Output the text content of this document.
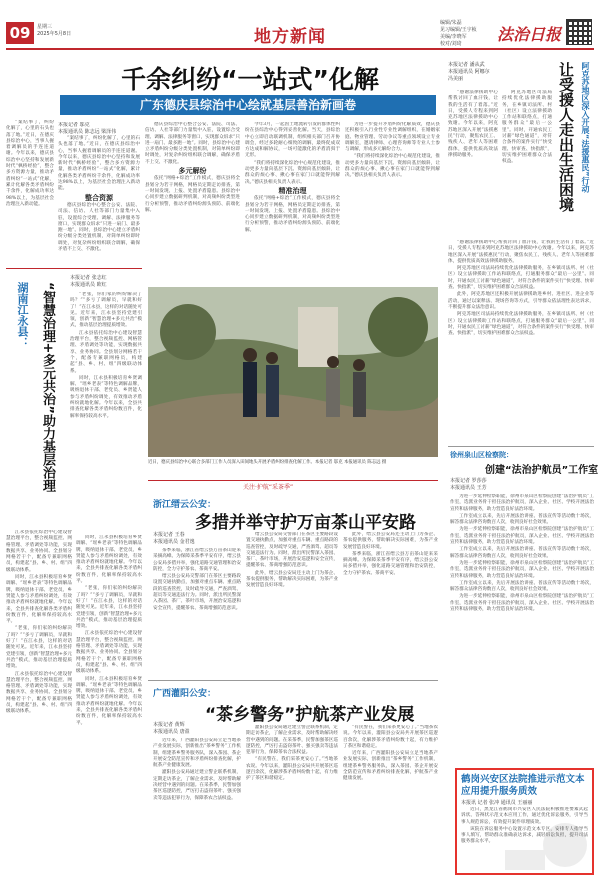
09	星期三
2025年5月8日	地方新闻
编辑/朱磊
见习编辑/王宇桢
美编/李晓军
校对/刘琦	法治日报
千余纠纷“一站式”化解
广东德庆县综治中心绘就基层善治新画卷
本报记者 邬克
本报通讯员 陈志远 梁泽伟

“案结事了，纠纷化解了，心里的石头也落了地。”近日，在德庆县综治中心，当事人握着调解员的手连连道谢。今年以来，德庆县综治中心坚持和发展新时代“枫桥经验”，整合多方资源力量，推动矛盾纠纷“一站式”化解，累计化解各类矛盾纠纷千余件，化解成功率达98%以上，为基层社会治理注入新动能。

整合资源

德庆县综治中心整合公安、法院、司法、信访、人社等部门力量集中入驻，设置综合受理、调解、法律服务等窗口，实现群众诉求“只进一扇门、最多跑一地”。同时，县综治中心建立矛盾纠纷分级分类处置机制，对简单纠纷即时调处，对复杂纠纷组织联合调解，确保矛盾不上交、不激化。

德庆县综治中心整合公安、法院、司法、信访、人社等部门力量集中入驻，设置综合受理、调解、法律服务等窗口，实现群众诉求“只进一扇门、最多跑一地”。同时，县综治中心建立矛盾纠纷分级分类处置机制，对简单纠纷即时调处，对复杂纠纷组织联合调解，确保矛盾不上交、不激化。

多元解纷

依托“网格+综治”工作模式，德庆县将全县划分为若干网格，网格员定期走访排查，第一时间发现、上报、处置矛盾隐患。县综治中心同步建立数据研判机制，对高频纠纷类型进行分析预警，推动矛盾纠纷源头预防、前端化解。

今年3月，一起因土地流转引发的群体性纠纷在县综治中心得到妥善化解。当天，县综治中心立即启动联调机制，组织相关部门召开协调会，经过多轮耐心细致的调解，最终促成双方达成和解协议，一场可能激化的矛盾消弭于无形。

“我们将持续深化综治中心规范化建设，推动更多力量向基层下沉、资源向基层倾斜，让群众的烦心事、揪心事在家门口就能得到解决。”德庆县相关负责人表示。

精准治理

依托“网格+综治”工作模式，德庆县将全县划分为若干网格，网格员定期走访排查，第一时间发现、上报、处置矛盾隐患。县综治中心同步建立数据研判机制，对高频纠纷类型进行分析预警，推动矛盾纠纷源头预防、前端化解。

为进一步提升矛盾纠纷化解质效，德庆县还积极引入行业性专业性调解组织，在婚姻家庭、物业管理、劳动争议等重点领域设立专业调解室，邀请律师、心理咨询师等专业人士参与调解，形成多元解纷合力。

“我们将持续深化综治中心规范化建设，推动更多力量向基层下沉、资源向基层倾斜，让群众的烦心事、揪心事在家门口就能得到解决。”德庆县相关负责人表示。

近日，德庆县综治中心联合多部门工作人员深入田间地头开展矛盾纠纷排查化解工作。本报记者 邬克 本报通讯员 陈志远 摄

“案结事了，纠纷化解了，心里的石头也落了地。”近日，在德庆县综治中心，当事人握着调解员的手连连道谢。今年以来，德庆县综治中心坚持和发展新时代“枫桥经验”，整合多方资源力量，推动矛盾纠纷“一站式”化解，累计化解各类矛盾纠纷千余件，化解成功率达98%以上，为基层社会治理注入新动能。

“智慧治理+多元共治”助力基层治理
湖南江永县：
本报记者 张志红
本报通讯员 欧红

“老张，你们家的纠纷解决了吗？”“多亏了调解员，早就和好了！”在江永县，这样的对话随处可见。近年来，江永县坚持党建引领，创新“智慧治理+多元共治”模式，推动基层治理提质增效。

江永县依托综治中心建设智慧治理平台，整合视频监控、网格管理、矛盾调处等功能，实现数据共享、业务协同。全县划分网格若干个，配备专兼职网格员，构建起“县、乡、村、组”四级联动体系。

同时，江永县积极培育乡贤调解、“瑶乡老表”等特色调解品牌，吸纳退休干部、老党员、乡贤能人参与矛盾纠纷调处，有效推动矛盾纠纷就地化解。今年以来，全县共排查化解各类矛盾纠纷数百件，化解率保持较高水平。

江永县依托综治中心建设智慧治理平台，整合视频监控、网格管理、矛盾调处等功能，实现数据共享、业务协同。全县划分网格若干个，配备专兼职网格员，构建起“县、乡、村、组”四级联动体系。

同时，江永县积极培育乡贤调解、“瑶乡老表”等特色调解品牌，吸纳退休干部、老党员、乡贤能人参与矛盾纠纷调处，有效推动矛盾纠纷就地化解。今年以来，全县共排查化解各类矛盾纠纷数百件，化解率保持较高水平。

“老张，你们家的纠纷解决了吗？”“多亏了调解员，早就和好了！”在江永县，这样的对话随处可见。近年来，江永县坚持党建引领，创新“智慧治理+多元共治”模式，推动基层治理提质增效。

江永县依托综治中心建设智慧治理平台，整合视频监控、网格管理、矛盾调处等功能，实现数据共享、业务协同。全县划分网格若干个，配备专兼职网格员，构建起“县、乡、村、组”四级联动体系。

同时，江永县积极培育乡贤调解、“瑶乡老表”等特色调解品牌，吸纳退休干部、老党员、乡贤能人参与矛盾纠纷调处，有效推动矛盾纠纷就地化解。今年以来，全县共排查化解各类矛盾纠纷数百件，化解率保持较高水平。

“老张，你们家的纠纷解决了吗？”“多亏了调解员，早就和好了！”在江永县，这样的对话随处可见。近年来，江永县坚持党建引领，创新“智慧治理+多元共治”模式，推动基层治理提质增效。

江永县依托综治中心建设智慧治理平台，整合视频监控、网格管理、矛盾调处等功能，实现数据共享、业务协同。全县划分网格若干个，配备专兼职网格员，构建起“县、乡、村、组”四级联动体系。

同时，江永县积极培育乡贤调解、“瑶乡老表”等特色调解品牌，吸纳退休干部、老党员、乡贤能人参与矛盾纠纷调处，有效推动矛盾纠纷就地化解。今年以来，全县共排查化解各类矛盾纠纷数百件，化解率保持较高水平。

关注·护航“采茶季”
浙江缙云公安：
多措并举守护万亩茶山平安路
本报记者 王春
本报通讯员 金君逸

茶季来临，浙江省缙云县万亩茶山迎来采摘高峰。为保障采茶季平安有序，缙云县公安局多措并举，强化道路交通管理和治安防控，全力守护茶农、茶商平安。

缙云县公安局交警部门在茶区主要路段设置交通执勤点，加强对重点车辆、重点路段的巡查管控，及时疏导交通，严查酒驾、超员等交通违法行为。同时，派出所民警深入茶园、茶厂、茶叶市场，开展治安巡逻和安全宣传，提醒茶农、茶商增强防范意识。

缙云县公安局交警部门在茶区主要路段设置交通执勤点，加强对重点车辆、重点路段的巡查管控，及时疏导交通，严查酒驾、超员等交通违法行为。同时，派出所民警深入茶园、茶厂、茶叶市场，开展治安巡逻和安全宣传，提醒茶农、茶商增强防范意识。

此外，缙云县公安局还主动上门为茶企、茶农提供服务，帮助解决实际困难，为茶产业发展营造良好环境。

此外，缙云县公安局还主动上门为茶企、茶农提供服务，帮助解决实际困难，为茶产业发展营造良好环境。

茶季来临，浙江省缙云县万亩茶山迎来采摘高峰。为保障采茶季平安有序，缙云县公安局多措并举，强化道路交通管理和治安防控，全力守护茶农、茶商平安。

广西灌阳公安：
“茶乡警务”护航茶产业发展
本报记者 黄辉
本报通讯员 唐盈

近年来，广西灌阳县公安局立足当地茶产业发展实际，创新推出“茶乡警务”工作机制，组建茶乡警务服务队，深入茶园、茶企开展安全防范宣传和矛盾纠纷排查化解，护航茶产业健康发展。

灌阳县公安局通过建立警企联系机制，定期走访茶企，了解企业需求，及时帮助解决经营中遇到的问题。在采茶季，民警加强茶区巡逻防控，严厉打击盗窃茶叶、强买强卖等违法犯罪行为，保障茶农合法权益。

灌阳县公安局通过建立警企联系机制，定期走访茶企，了解企业需求，及时帮助解决经营中遇到的问题。在采茶季，民警加强茶区巡逻防控，严厉打击盗窃茶叶、强买强卖等违法犯罪行为，保障茶农合法权益。

“有民警在，我们采茶更安心了。”当地茶农说。今年以来，灌阳县公安局共开展茶区巡逻百余次，化解涉茶矛盾纠纷数十起，有力维护了茶区和谐稳定。

“有民警在，我们采茶更安心了。”当地茶农说。今年以来，灌阳县公安局共开展茶区巡逻百余次，化解涉茶矛盾纠纷数十起，有力维护了茶区和谐稳定。

近年来，广西灌阳县公安局立足当地茶产业发展实际，创新推出“茶乡警务”工作机制，组建茶乡警务服务队，深入茶园、茶企开展安全防范宣传和矛盾纠纷排查化解，护航茶产业健康发展。

本报记者 潘从武
本报通讯员 阿娜尔
冯美丽	阿克苏地区深入开展“法援惠民”行动
让受援人走出生活困境

“感谢法律援助中心帮我讨回了血汗钱，让我的生活有了着落。”近日，受援人专程来到阿克苏地区法律援助中心致谢。今年以来，阿克苏地区深入开展“法援惠民”行动，聚焦农民工、残疾人、老年人等困难群体，提供优质高效法律援助服务。

阿克苏地区司法局持续优化法律援助服务，在乡镇司法所、村（社区）设立法律援助工作站和联络点，打通服务群众“最后一公里”。同时，开通农民工讨薪“绿色通道”，对符合条件的案件实行“快受理、快审查、快指派”，切实维护困难群众合法权益。

“感谢法律援助中心帮我讨回了血汗钱，让我的生活有了着落。”近日，受援人专程来到阿克苏地区法律援助中心致谢。今年以来，阿克苏地区深入开展“法援惠民”行动，聚焦农民工、残疾人、老年人等困难群体，提供优质高效法律援助服务。

阿克苏地区司法局持续优化法律援助服务，在乡镇司法所、村（社区）设立法律援助工作站和联络点，打通服务群众“最后一公里”。同时，开通农民工讨薪“绿色通道”，对符合条件的案件实行“快受理、快审查、快指派”，切实维护困难群众合法权益。

此外，阿克苏地区还积极开展法律援助进乡村、进社区、进企业等活动，通过以案释法、现场咨询等方式，引导群众依法理性表达诉求，不断提升群众法治意识。

阿克苏地区司法局持续优化法律援助服务，在乡镇司法所、村（社区）设立法律援助工作站和联络点，打通服务群众“最后一公里”。同时，开通农民工讨薪“绿色通道”，对符合条件的案件实行“快受理、快审查、快指派”，切实维护困难群众合法权益。

徐州泉山区检察院：
创建“法治护航员”工作室
本报记者 罗莎莎
本报通讯员 王芳

为进一步延伸检察职能，徐州市泉山区检察院创建“法治护航员”工作室，选派业务骨干担任法治护航员，深入企业、社区、学校开展法治宣传和法律服务，助力营造良好法治环境。

工作室成立以来，先后开展法治讲座、普法宣传等活动数十场次，解答群众法律咨询数百人次，收到良好社会效果。

为进一步延伸检察职能，徐州市泉山区检察院创建“法治护航员”工作室，选派业务骨干担任法治护航员，深入企业、社区、学校开展法治宣传和法律服务，助力营造良好法治环境。

工作室成立以来，先后开展法治讲座、普法宣传等活动数十场次，解答群众法律咨询数百人次，收到良好社会效果。

为进一步延伸检察职能，徐州市泉山区检察院创建“法治护航员”工作室，选派业务骨干担任法治护航员，深入企业、社区、学校开展法治宣传和法律服务，助力营造良好法治环境。

工作室成立以来，先后开展法治讲座、普法宣传等活动数十场次，解答群众法律咨询数百人次，收到良好社会效果。

为进一步延伸检察职能，徐州市泉山区检察院创建“法治护航员”工作室，选派业务骨干担任法治护航员，深入企业、社区、学校开展法治宣传和法律服务，助力营造良好法治环境。

鹤岗兴安区法院推进示范文本应用提升服务质效
本报讯 记者 张冲 通讯员 王丽丽

近日，黑龙江省鹤岗市兴安区人民法院积极推进要素式起诉状、答辩状示范文本应用工作，通过优化诉讼服务，引导当事人规范诉讼，有效提升案件审理质效。

该院在诉讼服务中心设置示范文本专区，安排专人指导当事人填写，帮助群众准确表达诉求，减轻诉讼负担，提升司法服务群众水平。
